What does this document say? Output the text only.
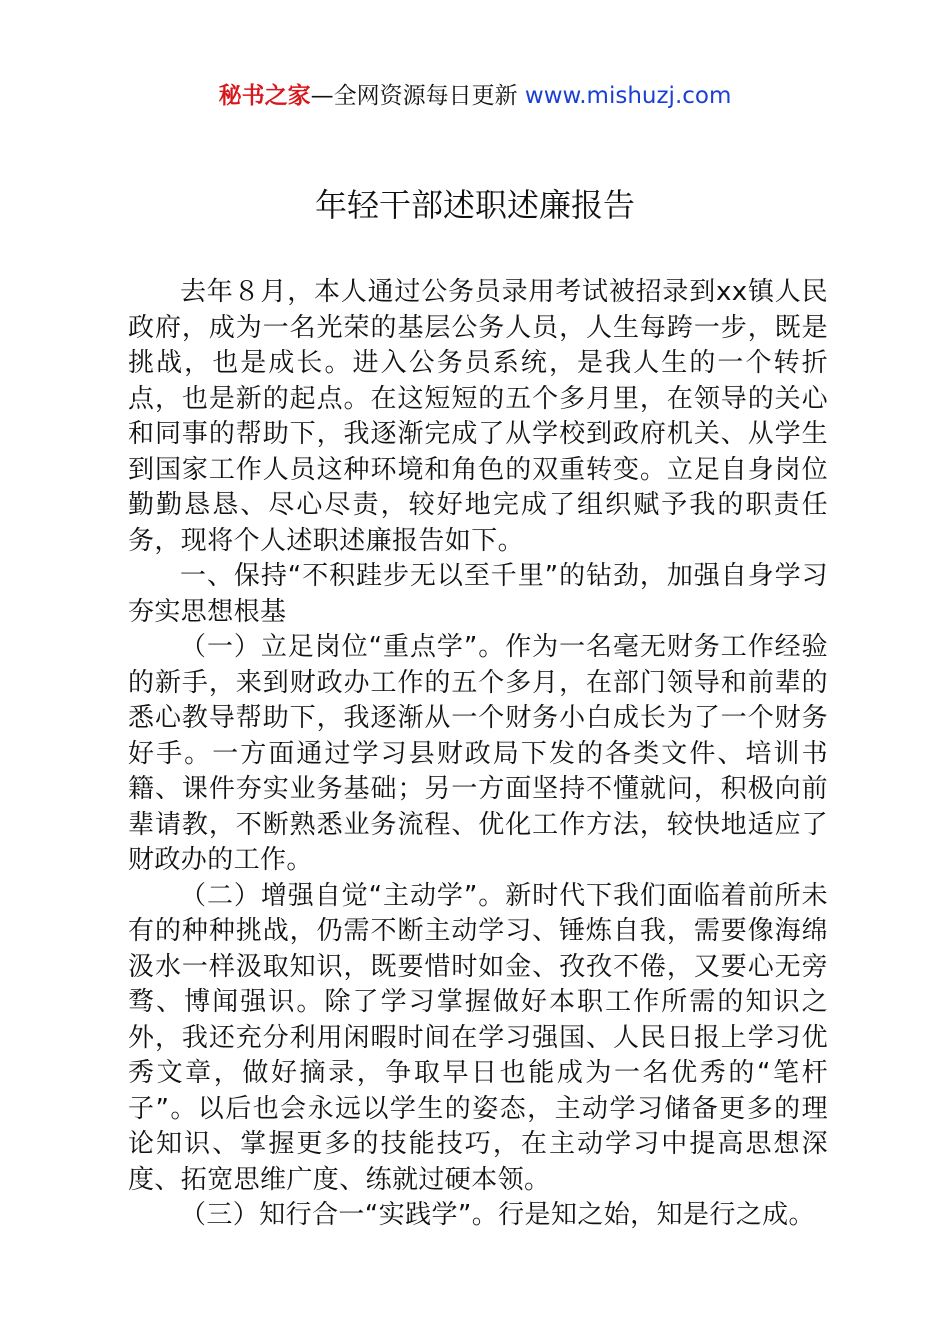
秘书之家—全网资源每日更新 www.mishuzj.com
年轻干部述职述廉报告

去年８月，本人通过公务员录用考试被招录到xx镇人民政府，成为一名光荣的基层公务人员，人生每跨一步，既是挑战，也是成长。进入公务员系统，是我人生的一个转折点，也是新的起点。在这短短的五个多月里，在领导的关心和同事的帮助下，我逐渐完成了从学校到政府机关、从学生到国家工作人员这种环境和角色的双重转变。立足自身岗位勤勤恳恳、尽心尽责，较好地完成了组织赋予我的职责任务，现将个人述职述廉报告如下。

一、保持“不积跬步无以至千里”的钻劲，加强自身学习夯实思想根基

（一）立足岗位“重点学”。作为一名毫无财务工作经验的新手，来到财政办工作的五个多月，在部门领导和前辈的悉心教导帮助下，我逐渐从一个财务小白成长为了一个财务好手。一方面通过学习县财政局下发的各类文件、培训书籍、课件夯实业务基础；另一方面坚持不懂就问，积极向前辈请教，不断熟悉业务流程、优化工作方法，较快地适应了财政办的工作。

（二）增强自觉“主动学”。新时代下我们面临着前所未有的种种挑战，仍需不断主动学习、锤炼自我，需要像海绵汲水一样汲取知识，既要惜时如金、孜孜不倦，又要心无旁骛、博闻强识。除了学习掌握做好本职工作所需的知识之外，我还充分利用闲暇时间在学习强国、人民日报上学习优秀文章，做好摘录，争取早日也能成为一名优秀的“笔杆子”。以后也会永远以学生的姿态，主动学习储备更多的理论知识、掌握更多的技能技巧，在主动学习中提高思想深度、拓宽思维广度、练就过硬本领。

（三）知行合一“实践学”。行是知之始，知是行之成。
